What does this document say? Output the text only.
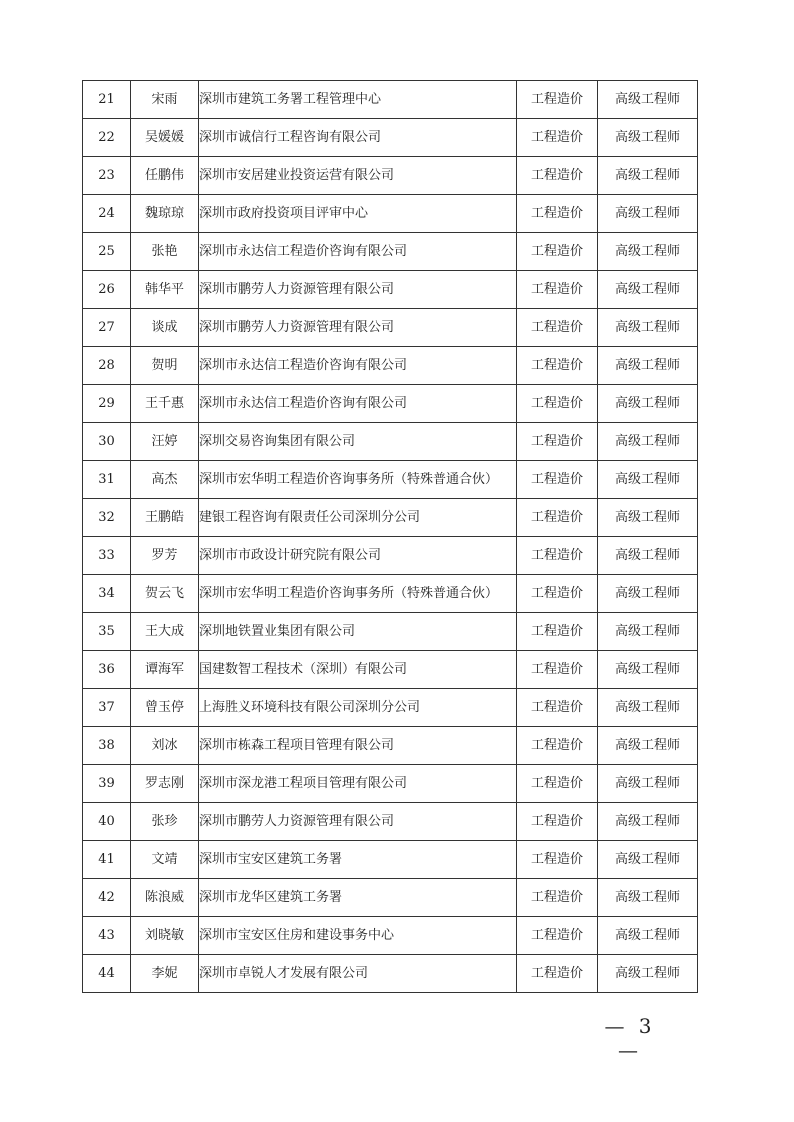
21	宋雨	深圳市建筑工务署工程管理中心	工程造价	高级工程师
22	吴媛媛	深圳市诚信行工程咨询有限公司	工程造价	高级工程师
23	任鹏伟	深圳市安居建业投资运营有限公司	工程造价	高级工程师
24	魏琼琼	深圳市政府投资项目评审中心	工程造价	高级工程师
25	张艳	深圳市永达信工程造价咨询有限公司	工程造价	高级工程师
26	韩华平	深圳市鹏劳人力资源管理有限公司	工程造价	高级工程师
27	谈成	深圳市鹏劳人力资源管理有限公司	工程造价	高级工程师
28	贺明	深圳市永达信工程造价咨询有限公司	工程造价	高级工程师
29	王千惠	深圳市永达信工程造价咨询有限公司	工程造价	高级工程师
30	汪婷	深圳交易咨询集团有限公司	工程造价	高级工程师
31	高杰	深圳市宏华明工程造价咨询事务所（特殊普通合伙）	工程造价	高级工程师
32	王鹏皓	建银工程咨询有限责任公司深圳分公司	工程造价	高级工程师
33	罗芳	深圳市市政设计研究院有限公司	工程造价	高级工程师
34	贺云飞	深圳市宏华明工程造价咨询事务所（特殊普通合伙）	工程造价	高级工程师
35	王大成	深圳地铁置业集团有限公司	工程造价	高级工程师
36	谭海军	国建数智工程技术（深圳）有限公司	工程造价	高级工程师
37	曾玉停	上海胜义环境科技有限公司深圳分公司	工程造价	高级工程师
38	刘冰	深圳市栋森工程项目管理有限公司	工程造价	高级工程师
39	罗志刚	深圳市深龙港工程项目管理有限公司	工程造价	高级工程师
40	张珍	深圳市鹏劳人力资源管理有限公司	工程造价	高级工程师
41	文靖	深圳市宝安区建筑工务署	工程造价	高级工程师
42	陈浪威	深圳市龙华区建筑工务署	工程造价	高级工程师
43	刘晓敏	深圳市宝安区住房和建设事务中心	工程造价	高级工程师
44	李妮	深圳市卓锐人才发展有限公司	工程造价	高级工程师
— 3 —
